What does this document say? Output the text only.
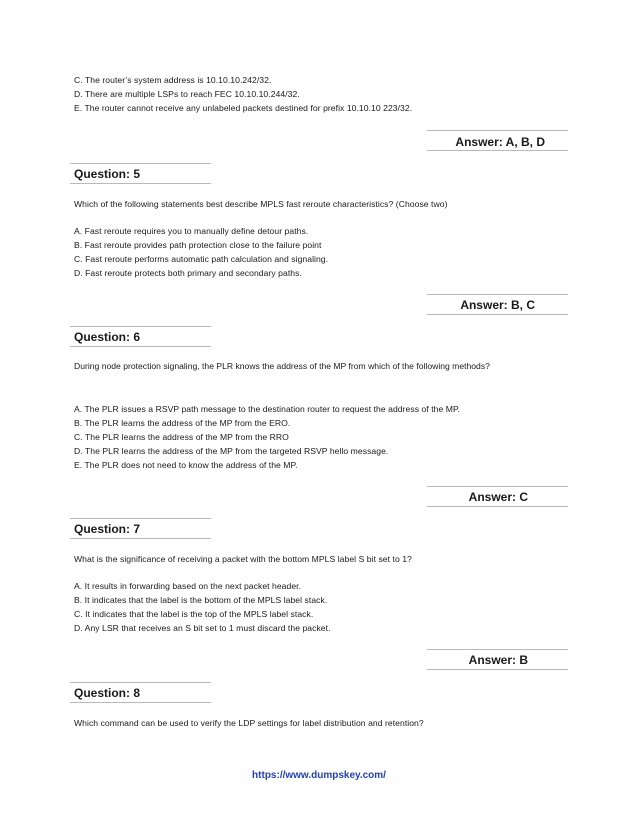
C. The router’s system address is 10.10.10.242/32.
D. There are multiple LSPs to reach FEC 10.10.10.244/32.
E. The router cannot receive any unlabeled packets destined for prefix 10.10.10 223/32.
Answer: A, B, D
Question: 5
Which of the following statements best describe MPLS fast reroute characteristics? (Choose two)
A. Fast reroute requires you to manually define detour paths.
B. Fast reroute provides path protection close to the failure point
C. Fast reroute performs automatic path calculation and signaling.
D. Fast reroute protects both primary and secondary paths.
Answer: B, C
Question: 6
During node protection signaling, the PLR knows the address of the MP from which of the following methods?
A. The PLR issues a RSVP path message to the destination router to request the address of the MP.
B. The PLR learns the address of the MP from the ERO.
C. The PLR learns the address of the MP from the RRO
D. The PLR learns the address of the MP from the targeted RSVP hello message.
E. The PLR does not need to know the address of the MP.
Answer: C
Question: 7
What is the significance of receiving a packet with the bottom MPLS label S bit set to 1?
A. It results in forwarding based on the next packet header.
B. It indicates that the label is the bottom of the MPLS label stack.
C. It indicates that the label is the top of the MPLS label stack.
D. Any LSR that receives an S bit set to 1 must discard the packet.
Answer: B
Question: 8
Which command can be used to verify the LDP settings for label distribution and retention?
https://www.dumpskey.com/
